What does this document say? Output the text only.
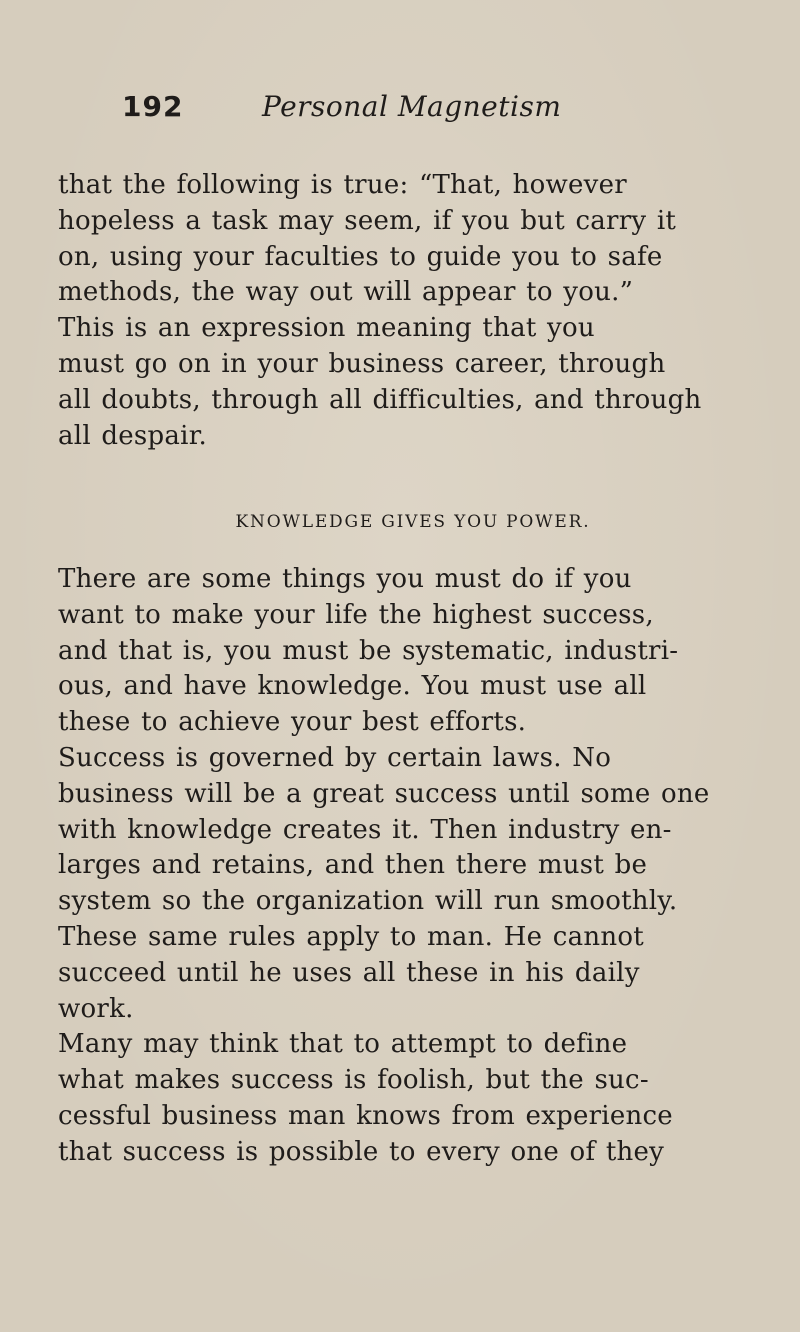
192	Personal Magnetism
that the following is true: “That, however
hopeless a task may seem, if you but carry it
on, using your faculties to guide you to safe
methods, the way out will appear to you.”
This is an expression meaning that you
must go on in your business career, through
all doubts, through all difficulties, and through
all despair.
KNOWLEDGE GIVES YOU POWER.
There are some things you must do if you
want to make your life the highest success,
and that is, you must be systematic, industri-
ous, and have knowledge. You must use all
these to achieve your best efforts.
Success is governed by certain laws. No
business will be a great success until some one
with knowledge creates it. Then industry en-
larges and retains, and then there must be
system so the organization will run smoothly.
These same rules apply to man. He cannot
succeed until he uses all these in his daily
work.
Many may think that to attempt to define
what makes success is foolish, but the suc-
cessful business man knows from experience
that success is possible to every one of they
